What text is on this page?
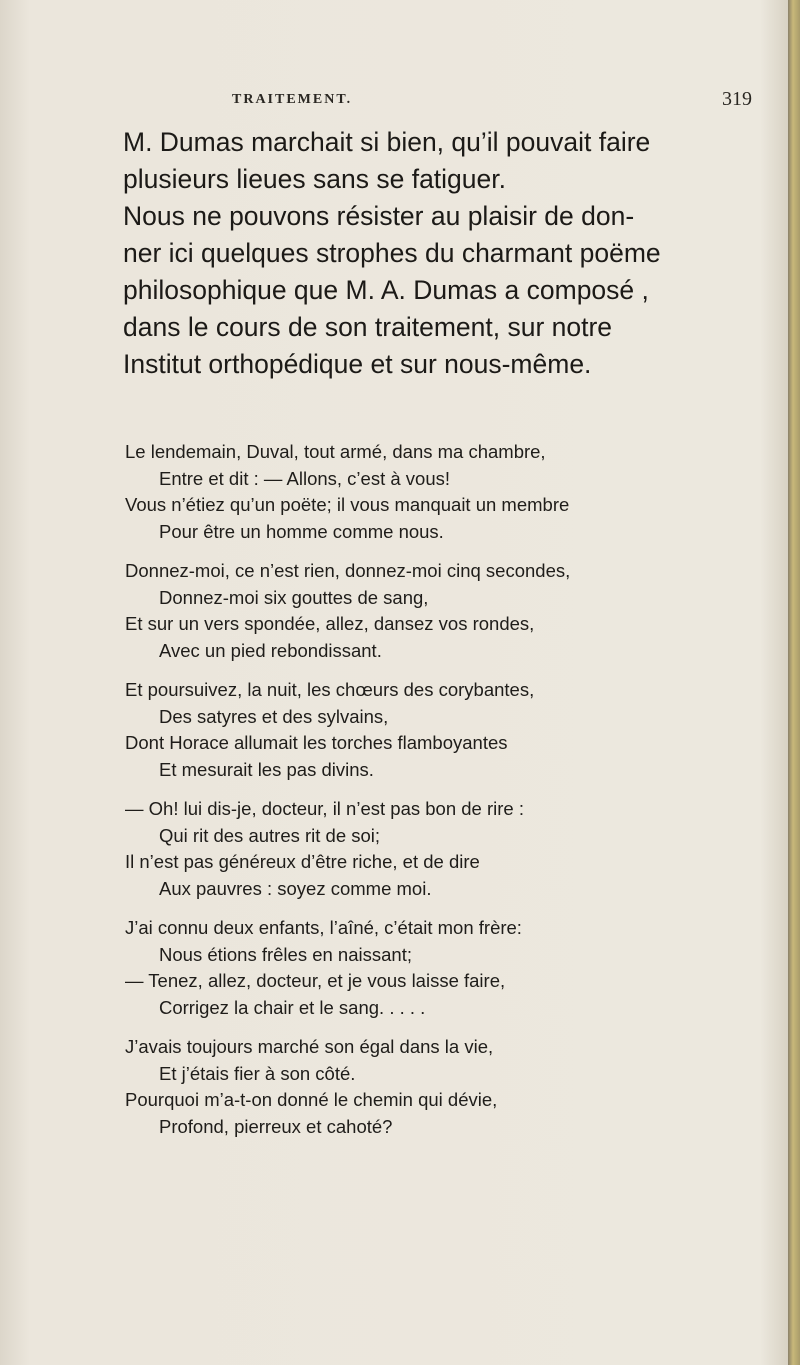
TRAITEMENT.	319
M. Dumas marchait si bien, qu’il pouvait faire
plusieurs lieues sans se fatiguer.
Nous ne pouvons résister au plaisir de don-
ner ici quelques strophes du charmant poëme
philosophique que M. A. Dumas a composé ,
dans le cours de son traitement, sur notre
Institut orthopédique et sur nous-même.
Le lendemain, Duval, tout armé, dans ma chambre,
Entre et dit : — Allons, c’est à vous!
Vous n’étiez qu’un poëte; il vous manquait un membre
Pour être un homme comme nous.
Donnez-moi, ce n’est rien, donnez-moi cinq secondes,
Donnez-moi six gouttes de sang,
Et sur un vers spondée, allez, dansez vos rondes,
Avec un pied rebondissant.
Et poursuivez, la nuit, les chœurs des corybantes,
Des satyres et des sylvains,
Dont Horace allumait les torches flamboyantes
Et mesurait les pas divins.
— Oh! lui dis-je, docteur, il n’est pas bon de rire :
Qui rit des autres rit de soi;
Il n’est pas généreux d’être riche, et de dire
Aux pauvres : soyez comme moi.
J’ai connu deux enfants, l’aîné, c’était mon frère:
Nous étions frêles en naissant;
— Tenez, allez, docteur, et je vous laisse faire,
Corrigez la chair et le sang. . . . .
J’avais toujours marché son égal dans la vie,
Et j’étais fier à son côté.
Pourquoi m’a-t-on donné le chemin qui dévie,
Profond, pierreux et cahoté?
